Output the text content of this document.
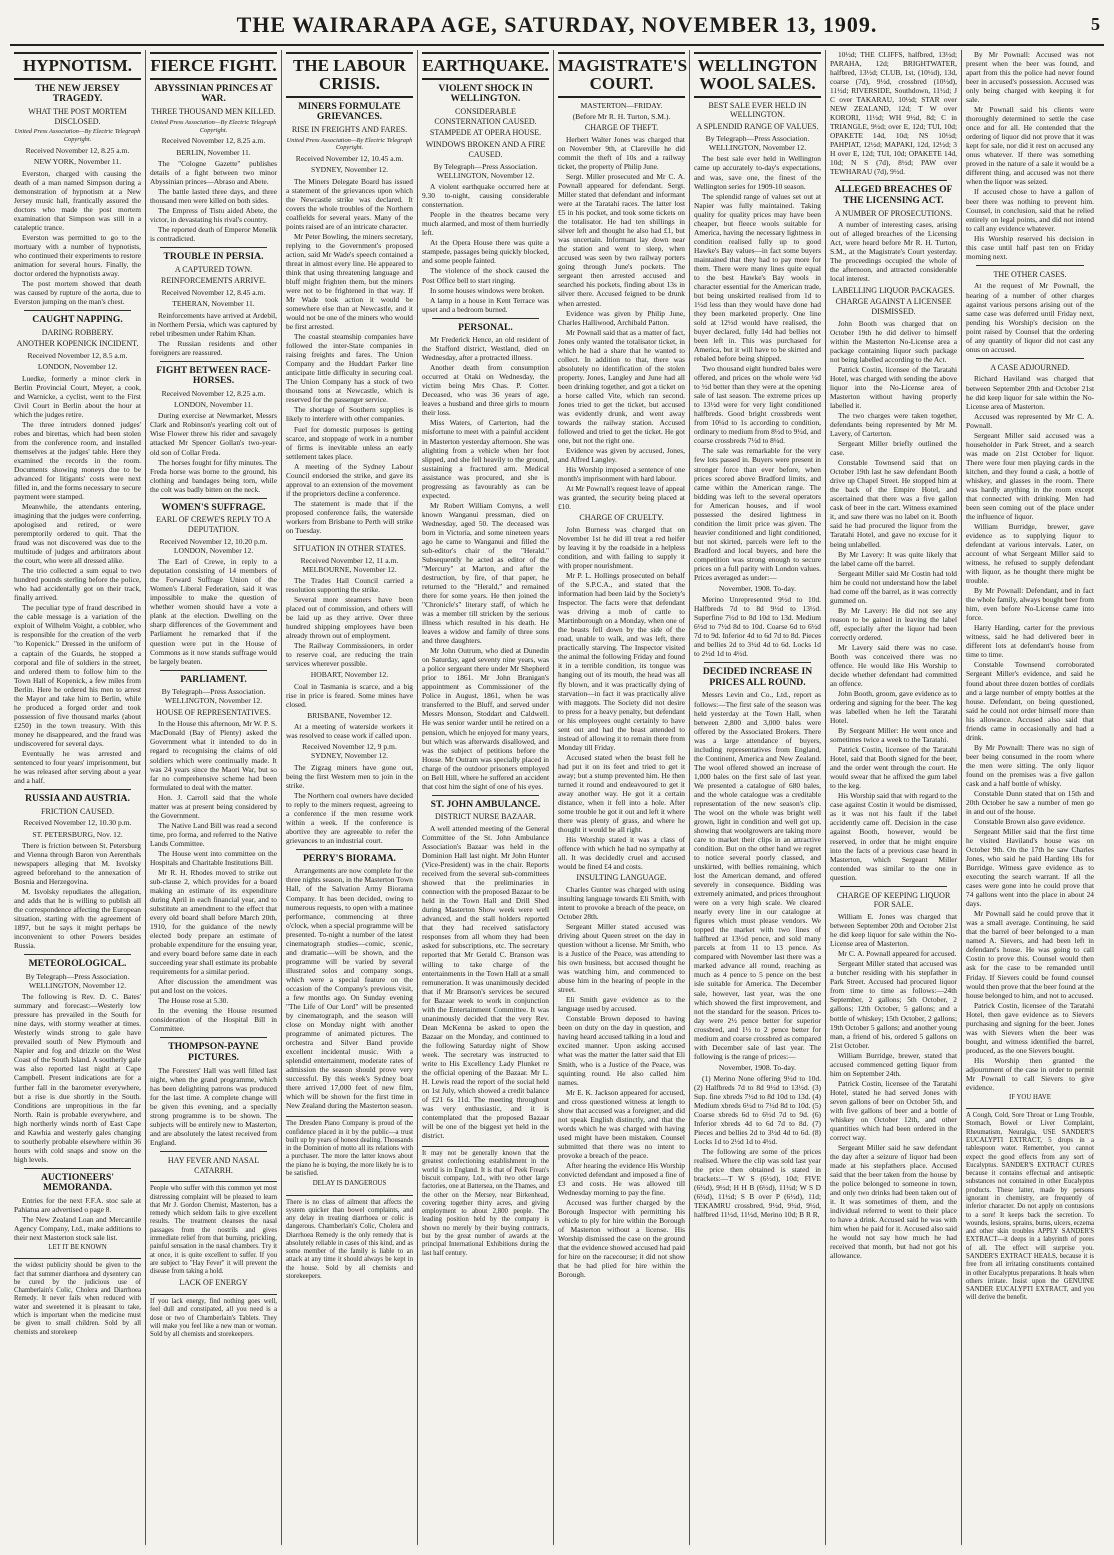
THE WAIRARAPA AGE, SATURDAY, NOVEMBER 13, 1909.	5
HYPNOTISM.
THE NEW JERSEY TRAGEDY.
WHAT THE POST MORTEM DISCLOSED.
United Press Association—By Electric Telegraph Copyright.
Received November 12, 8.25 a.m.
NEW YORK, November 11.
Everston, charged with causing the death of a man named Simpson during a demonstration of hypnotism at a New Jersey music hall, frantically assured the doctors who made the post mortem examination that Simpson was still in a cataleptic trance.
Everston was permitted to go to the mortuary with a number of hypnotists, who continued their experiments to restore animation for several hours. Finally, the doctor ordered the hypnotists away.
The post mortem showed that death was caused by rupture of the aorta, due to Everston jumping on the man's chest.
CAUGHT NAPPING.
DARING ROBBERY.
ANOTHER KOPENICK INCIDENT.
Received November 12, 8.5 a.m.
LONDON, November 12.
Luedke, formerly a minor clerk in Berlin Provincial Court, Meyer, a cook, and Warnicke, a cyclist, went to the First Civil Court in Berlin about the hour at which the judges retire.
The three intruders donned judges' robes and birettas, which had been stolen from the conference room, and installed themselves at the judges' table. Here they examined the records in the room. Documents showing moneys due to be advanced for litigants' costs were next filled in, and the forms necessary to secure payment were stamped.
Meanwhile, the attendants entering, imagining that the judges were conferring, apologised and retired, or were peremptorily ordered to quit. That the fraud was not discovered was due to the multitude of judges and arbitrators about the court, who were all dressed alike.
The trio collected a sum equal to two hundred pounds sterling before the police, who had accidentally got on their track, finally arrived.
The peculiar type of fraud described in the cable message is a variation of the exploit of Wilhelm Voight, a cobbler, who is responsible for the creation of the verb "to Kopenick." Dressed in the uniform of a captain of the Guards, he stopped a corporal and file of soldiers in the street, and ordered them to follow him to the Town Hall of Kopenick, a few miles from Berlin. Here he ordered his men to arrest the Mayor and take him to Berlin, while he produced a forged order and took possession of five thousand marks (about £250) in the town treasury. With this money he disappeared, and the fraud was undiscovered for several days.
Eventually he was arrested and sentenced to four years' imprisonment, but he was released after serving about a year and a half.
RUSSIA AND AUSTRIA.
FRICTION CAUSED.
Received November 12, 10.30 p.m.
ST. PETERSBURG, Nov. 12.
There is friction between St. Petersburg and Vienna through Baron von Aerenthals newspapers alleging that M. Isvolsky agreed beforehand to the annexation of Bosnia and Herzegovina.
M. Isvolsky repudiates the allegation, and adds that he is willing to publish all the correspondence affecting the European situation, starting with the agreement of 1897, but he says it might perhaps be inconvenient to other Powers besides Russia.
METEOROLOGICAL.
By Telegraph—Press Association. WELLINGTON, November 12.
The following is Rev. D. C. Bates' summary and forecast:—Westerly low pressure has prevailed in the South for nine days, with stormy weather at times. Westerly winds strong to gale have prevailed south of New Plymouth and Napier and fog and drizzle on the West Coast of the South Island. A southerly gale was also reported last night at Cape Campbell. Present indications are for a further fall in the barometer everywhere, but a rise is due shortly in the South. Conditions are unpropitious in the far North. Rain is probable everywhere, and high northerly winds north of East Cape and Kawhia and westerly gales changing to southerly probable elsewhere within 36 hours with cold snaps and snow on the high levels.
AUCTIONEERS' MEMORANDA.
Entries for the next F.F.A. stoc sale at Pahiatua are advertised o page 8.
The New Zealand Loan and Mercantile Agency Company, Ltd., make additions to their next Masterton stock sale list.
LET IT BE KNOWN
the widest publicity should be given to the fact that summer diarrhoea and dysentery can be cured by the judicious use of Chamberlain's Colic, Cholera and Diarrhoea Remedy. It never fails when reduced with water and sweetened it is pleasant to take, which is important when the medicine must be given to small children. Sold by all chemists and storekeep
FIERCE FIGHT.
ABYSSINIAN PRINCES AT WAR.
THREE THOUSAND MEN KILLED.
United Press Association—By Electric Telegraph Copyright.
Received November 12, 8.25 a.m.
BERLIN, November 11.
The "Cologne Gazette" publishes details of a fight between two minor Abyssinian princes—Abraso and Abete.
The battle lasted three days, and three thousand men were killed on both sides.
The Empress of Tistu aided Abete, the victor, in devastating his rival's country.
The reported death of Emperor Menelik is contradicted.
TROUBLE IN PERSIA.
A CAPTURED TOWN.
REINFORCEMENTS ARRIVE.
Received November 12, 8.45 a.m.
TEHERAN, November 11.
Reinforcements have arrived at Ardebil, in Northern Persia, which was captured by rebel tribesmen under Rahim Khan.
The Russian residents and other foreigners are reassured.
FIGHT BETWEEN RACE-HORSES.
Received November 12, 8.25 a.m.
LONDON, November 11.
During exercise at Newmarket, Messrs Clark and Robinson's yearling colt out of Wise Flower threw his rider and savagely attacked Mr Spencer Gollan's two-year-old son of Collar Freda.
The horses fought for fifty minutes. The Freda horse was borne to the ground, his clothing and bandages being torn, while the colt was badly bitten on the neck.
WOMEN'S SUFFRAGE.
EARL OF CREWE'S REPLY TO A DEPUTATION.
Received November 12, 10.20 p.m. LONDON, November 12.
The Earl of Crewe, in reply to a deputation consisting of 14 members of the Forward Suffrage Union of the Women's Liberal Federation, said it was impossible to make the question of whether women should have a vote a plank at the election. Dwelling on the sharp differences of the Government and Parliament he remarked that if the question were put in the House of Commons as it now stands suffrage would be largely beaten.
PARLIAMENT.
By Telegraph—Press Association. WELLINGTON, November 12.
HOUSE OF REPRESENTATIVES.
In the House this afternoon, Mr W. P. S. MacDonald (Bay of Plenty) asked the Government what it intended to do in regard to recognising the claims of old soldiers which were continually made. It was 24 years since the Maori War, but so far no comprehensive scheme had been formulated to deal with the matter.
Hon. J. Carroll said that the whole matter was at present being considered by the Government.
The Native Land Bill was read a second time, pro forma, and referred to the Native Lands Committee.
The House went into committee on the Hospitals and Charitable Institutions Bill.
Mr R. H. Rhodes moved to strike out sub-clause 2, which provides for a board making an estimate of its expenditure during April in each financial year, and to substitute an amendment to the effect that every old board shall before March 20th, 1910, for the guidance of the newly elected body prepare an estimate of probable expenditure for the ensuing year, and every board before same date in each succeeding year shall estimate its probable requirements for a similar period.
After discussion the amendment was put and lost on the voices.
The House rose at 5.30.
In the evening the House resumed consideration of the Hospital Bill in Committee.
THOMPSON-PAYNE PICTURES.
The Foresters' Hall was well filled last night, when the grand programme, which has been delighting patrons was produced for the last time. A complete change will be given this evening, and a specially strong programme is to be shown. The subjects will be entirely new to Masterton, and are absolutely the latest received from England.
HAY FEVER AND NASAL CATARRH.
People who suffer with this common yet most distressing complaint will be pleased to learn that Mr J. Gordon Chemist, Masterton, has a remedy which seldom fails to give excellent results. The treatment cleanses the nasal passages from the nostrils and gives immediate relief from that burning, prickling, painful sensation in the nasal chambers. Try it at once, it is quite excellent to suffer. If you are subject to "Hay Fever" it will prevent the disease from taking a hold.
LACK OF ENERGY
If you lack energy, find nothing goes well, feel dull and constipated, all you need is a dose or two of Chamberlain's Tablets. They will make you feel like a new man or woman. Sold by all chemists and storekeepers.
THE LABOUR CRISIS.
MINERS FORMULATE GRIEVANCES.
RISE IN FREIGHTS AND FARES.
United Press Association—By Electric Telegraph Copyright.
Received November 12, 10.45 a.m.
SYDNEY, November 12.
The Miners Delegate Board has issued a statement of the grievances upon which the Newcastle strike was declared. It covers the whole troubles of the Northern coalfields for several years. Many of the points raised are of an intricate character.
Mr Peter Bowling, the miners secretary, replying to the Government's proposed action, said Mr Wade's speech contained a threat in almost every line. He appeared to think that using threatening language and bluff might frighten them, but the miners were not to be frightened in that way. If Mr Wade took action it would be somewhere else than at Newcastle, and it would not be one of the miners who would be first arrested.
The coastal steamship companies have followed the inter-State companies in raising freights and fares. The Union Company and the Huddart Parker line anticipate little difficulty in securing coal. The Union Company has a stock of two thousand tons at Newcastle, which is reserved for the passenger service.
The shortage of Southern supplies is likely to interfere with other companies.
Fuel for domestic purposes is getting scarce, and stoppage of work in a number of firms is inevitable unless an early settlement takes place.
A meeting of the Sydney Labour Council endorsed the strike, and gave its approval to an extension of the movement if the proprietors decline a conference.
The statement is made that if the proposed conference fails, the waterside workers from Brisbane to Perth will strike on Tuesday.
SITUATION IN OTHER STATES.
Received November 12, 11 a.m. MELBOURNE, November 12.
The Trades Hall Council carried a resolution supporting the strike.
Several more steamers have been placed out of commission, and others will be laid up as they arrive. Over three hundred shipping employees have been already thrown out of employment.
The Railway Commissioners, in order to reserve coal, are reducing the train services wherever possible.
HOBART, November 12.
Coal in Tasmania is scarce, and a big rise in price is feared. Some mines have closed.
BRISBANE, November 12.
At a meeting of waterside workers it was resolved to cease work if called upon.
Received November 12, 9 p.m. SYDNEY, November 12.
The Zigzag miners have gone out, being the first Western men to join in the strike.
The Northern coal owners have decided to reply to the miners request, agreeing to a conference if the men resume work within a week. If the conference is abortive they are agreeable to refer the grievances to an industrial court.
PERRY'S BIORAMA.
Arrangements are now complete for the three nights season, in the Masterton Town Hall, of the Salvation Army Biorama Company. It has been decided, owing to numerous requests, to open with a matinee performance, commencing at three o'clock, when a special programme will be presented. To-night a number of the latest cinematograph studies—comic, scenic, and dramatic—will be shown, and the programme will be varied by several illustrated solos and company songs, which were a special feature on the occasion of the Company's previous visit, a few months ago. On Sunday evening "The Life of Our Lord" will be presented by cinematograph, and the season will close on Monday night with another programme of animated pictures. The orchestra and Silver Band provide excellent incidental music. With a splendid entertainment, moderate rates of admission the season should prove very successful. By this week's Sydney boat there arrived 17,000 feet of new film, which will be shown for the first time in New Zealand during the Masterton season.
The Dresden Piano Company is proud of the confidence placed in it by the public—a trust built up by years of honest dealing. Thousands in the Dominion of motto all its relations with a purchaser. The more the latter knows about the piano he is buying, the more likely he is to be satisfied.
DELAY IS DANGEROUS
There is no class of ailment that affects the system quicker than bowel complaints, and any delay in treating diarrhoea or colic is dangerous. Chamberlain's Colic, Cholera and Diarrhoea Remedy is the only remedy that is absolutely reliable in cases of this kind, and as some member of the family is liable to an attack at any time it should always be kept in the house. Sold by all chemists and storekeepers.
EARTHQUAKE.
VIOLENT SHOCK IN WELLINGTON.
CONSIDERABLE CONSTERNATION CAUSED.
STAMPEDE AT OPERA HOUSE.
WINDOWS BROKEN AND A FIRE CAUSED.
By Telegraph—Press Association. WELLINGTON, November 12.
A violent earthquake occurred here at 9.30 to-night, causing considerable consternation.
People in the theatres became very much alarmed, and most of them hurriedly left.
At the Opera House there was quite a stampede, passages being quickly blocked, and some people fainted.
The violence of the shock caused the Post Office bell to start ringing.
In some houses windows were broken.
A lamp in a house in Kent Terrace was upset and a bedroom burned.
PERSONAL.
Mr Frederick Hence, an old resident of the Stafford district, Westland, died on Wednesday, after a protracted illness.
Another death from consumption occurred at Otaki on Wednesday, the victim being Mrs Chas. P. Cotter. Deceased, who was 36 years of age, leaves a husband and three girls to mourn their loss.
Miss Waters, of Carterton, had the misfortune to meet with a painful accident in Masterton yesterday afternoon. She was alighting from a vehicle when her foot slipped, and she fell heavily to the ground, sustaining a fractured arm. Medical assistance was procured, and she is progressing as favourably as can be expected.
Mr Robert William Comyns, a well known Wanganui pressman, died on Wednesday, aged 50. The deceased was born in Victoria, and some nineteen years ago he came to Wanganui and filled the sub-editor's chair of the "Herald." Subsequently he acted as editor of the "Mercury" at Marton, and after the destruction, by fire, of that paper, he returned to the "Herald," and remained there for some years. He then joined the "Chronicle's" literary staff, of which he was a member till stricken by the serious illness which resulted in his death. He leaves a widow and family of three sons and three daughters.
Mr John Outrum, who died at Dunedin on Saturday, aged seventy nine years, was a police sergeant there under Mr Shepherd prior to 1861. Mr John Branigan's appointment as Commissioner of the Police in August, 1861, when he was transferred to the Bluff, and served under Messrs Monson, Stoddart and Caldwell. He was senior warder until he retired on a pension, which he enjoyed for many years, but which was afterwards disallowed, and was the subject of petitions before the House. Mr Outram was specially placed in charge of the outdoor prisoners employed on Bell Hill, where he suffered an accident that cost him the sight of one of his eyes.
ST. JOHN AMBULANCE.
DISTRICT NURSE BAZAAR.
A well attended meeting of the General Committee of the St. John Ambulance Association's Bazaar was held in the Dominion Hall last night. Mr John Hunter (Vice-President) was in the chair. Reports received from the several sub-committees showed that the preliminaries in connection with the proposed Bazaar to be held in the Town Hall and Drill Shed during Masterton Show week were well advanced, and the stall holders reported that they had received satisfactory responses from all whom they had been asked for subscriptions, etc. The secretary reported that Mr Gerald C. Branson was willing to take charge of the entertainments in the Town Hall at a small remuneration. It was unanimously decided that if Mr Branson's services be secured for Bazaar week to work in conjunction with the Entertainment Committee. It was unanimously decided that the very Rev. Dean McKenna be asked to open the Bazaar on the Monday, and continued to the following Saturday night of Show week. The secretary was instructed to write to His Excellency Lady Plunket re the official opening of the Bazaar. Mr L. H. Lewis read the report of the social held on 1st July, which showed a credit balance of £21 6s 11d. The meeting throughout was very enthusiastic, and it is contemplated that the proposed Bazaar will be one of the biggest yet held in the district.
It may not be generally known that the greatest confectioning establishment in the world is in England. It is that of Peek Frean's biscuit company, Ltd., with two other large factories, one at Battersea, on the Thames, and the other on the Mersey, near Birkenhead, covering together thirty acres, and giving employment to about 2,800 people. The leading position held by the company is shown no merely by their buying contracts, but by the great number of awards at the principal International Exhibitions during the last half century.
MAGISTRATE'S COURT.
MASTERTON—FRIDAY.
(Before Mr R. H. Turton, S.M.).
CHARGE OF THEFT.
Herbert Walter Jones was charged that on November 9th, at Clareville he did commit the theft of 10s and a railway ticket, the property of Philip June.
Sergt. Miller prosecuted and Mr C. A. Pownall appeared for defendant. Sergt. Miller stated that defendant and informant were at the Taratahi races. The latter lost £5 in his pocket, and took some tickets on the totalisator. He had ten shillings in silver left and thought he also had £1, but was uncertain. Informant lay down near the station and went to sleep, when accused was seen by two railway porters going through June's pockets. The sergeant then arrested accused and searched his pockets, finding about 13s in silver there. Accused feigned to be drunk when arrested.
Evidence was given by Philip June, Charles Halliwood, Archibald Patton.
Mr Pownall said that as a matter of fact, Jones only wanted the totalisator ticket, in which he had a share that he wanted to collect. In addition to that, there was absolutely no identification of the stolen property. Jones, Langley and June had all been drinking together, and got a ticket on a horse called Vite, which ran second. Jones tried to get the ticket, but accused was evidently drunk, and went away towards the railway station. Accused followed and tried to get the ticket. He got one, but not the right one.
Evidence was given by accused, Jones, and Alfred Langley.
His Worship imposed a sentence of one month's imprisonment with hard labour.
At Mr Pownall's request leave of appeal was granted, the security being placed at £10.
CHARGE OF CRUELTY.
John Burness was charged that on November 1st he did ill treat a red heifer by leaving it by the roadside in a helpless condition, and with failing to supply it with proper nourishment.
Mr P. L. Hollings prosecuted on behalf of the S.P.C.A., and stated that the information had been laid by the Society's Inspector. The facts were that defendant was driving a mob of cattle to Martinborough on a Monday, when one of the beasts fell down by the side of the road, unable to walk, and was left, there practically starving. The Inspector visited the animal the following Friday and found it in a terrible condition, its tongue was hanging out of its mouth, the head was all fly blown, and it was practically dying of starvation—in fact it was practically alive with maggots. The Society did not desire to press for a heavy penalty, but defendant or his employees ought certainly to have sent out and had the beast attended to instead of allowing it to remain there from Monday till Friday.
Accused stated when the beast fell he had put it on its feet and tried to get it away; but a stump prevented him. He then turned it round and endeavoured to get it away another way. He got it a certain distance, when it fell into a hole. After some trouble he got it out and left it where there was plenty of grass, and where he thought it would be all right.
His Worship stated it was a class of offence with which he had no sympathy at all. It was decidedly cruel and accused would be fined £4 and costs.
INSULTING LANGUAGE.
Charles Gunter was charged with using insulting language towards Eli Smith, with intent to provoke a breach of the peace, on October 28th.
Sergeant Miller stated accused was driving about Queen street on the day in question without a license. Mr Smith, who is a Justice of the Peace, was attending to his own business, but accused thought he was watching him, and commenced to abuse him in the hearing of people in the street.
Eli Smith gave evidence as to the language used by accused.
Constable Brown deposed to having been on duty on the day in question, and having heard accused talking in a loud and excited manner. Upon asking accused what was the matter the latter said that Eli Smith, who is a Justice of the Peace, was squinting round. He also called him names.
Mr E. K. Jackson appeared for accused, and cross questioned witness at length to show that accused was a foreigner, and did not speak English distinctly, and that the words which he was charged with having used might have been mistaken. Counsel submitted that there was no intent to provoke a breach of the peace.
After hearing the evidence His Worship convicted defendant and imposed a fine of £3 and costs. He was allowed till Wednesday morning to pay the fine.
Accused was further charged by the Borough Inspector with permitting his vehicle to ply for hire within the Borough of Masterton without a license. His Worship dismissed the case on the ground that the evidence showed accused had paid for hire on the racecourse; it did not show that he had plied for hire within the Borough.
WELLINGTON WOOL SALES.
BEST SALE EVER HELD IN WELLINGTON.
A SPLENDID RANGE OF VALUES.
By Telegraph—Press Association. WELLINGTON, November 12.
The best sale ever held in Wellington came up accurately to-day's expectations, and was, save one, the finest of the Wellington series for 1909-10 season.
The splendid range of values set out at Napier was fully maintained. Taking quality for quality prices may have been cheaper, but fleece wools suitable for America, having the necessary lightness in condition realised fully up to good Hawke's Bay values—in fact some buyers maintained that they had to pay more for them. There were many lines quite equal to the best Hawke's Bay wools in character essential for the American trade, but being unskirted realised from 1d to 1½d less than they would have done had they been marketed properly. One line sold at 12½d would have realised, the buyer declared, fully 14d had bellies not been left in. This was purchased for America, but it will have to be skirted and rebaled before being shipped.
Two thousand eight hundred bales were offered, and prices on the whole were ¼d to ½d better than they were at the opening sale of last season. The extreme prices up to 13½d were for very light conditioned halfbreds. Good bright crossbreds went from 10¼d to 1s according to condition, ordinary to medium from 8½d to 9½d, and coarse crossbreds 7½d to 8¼d.
The sale was remarkable for the very few lots passed in. Buyers were present in stronger force than ever before, when prices scored above Bradford limits, and came within the American range. The bidding was left to the several operators for American houses, and if wool possessed the desired lightness in condition the limit price was given. The heavier conditioned and light conditioned, but not skirted, parcels were left to the Bradford and local buyers, and here the competition was strong enough to secure prices on a full parity with London values. Prices averaged as under:—
November, 1908. To-day.
Merino Unrepresented 9½d to 10d. Halfbreds 7d to 8d 9½d to 13½d. Superfine 7½d to 8d 10d to 13d. Medium 6½d to 7½d 8d to 10d. Coarse 6d to 6½d 7d to 9d. Inferior 4d to 6d 7d to 8d. Pieces and bellies 2d to 3½d 4d to 6d. Locks 1d to 2½d 1d to 4½d.
DECIDED INCREASE IN PRICES ALL ROUND.
Messrs Levin and Co., Ltd., report as follows:—The first sale of the season was held yesterday at the Town Hall, when between 2,800 and 3,000 bales were offered by the Associated Brokers. There was a large attendance of buyers, including representatives from England, the Continent, America and New Zealand. The wool offered showed an increase of 1,000 bales on the first sale of last year. We presented a catalogue of 680 bales, and the whole catalogue was a creditable representation of the new season's clip. The wool on the whole was bright well grown, light in condition and well got up, showing that woolgrowers are taking more care to market their clips in an attractive condition. But on the other hand we regret to notice several poorly classed, and unskirted, with bellies remaining, which lost the American demand, and offered severely in consequence. Bidding was extremely animated, and prices throughout were on a very high scale. We cleared nearly every line in our catalogue at figures which must please vendors. We topped the market with two lines of halfbred at 13½d pence, and sold many parcels at from 11 to 13 pence. As compared with November last there was a marked advance all round, reaching as much as 4 pence to 5 pence on the best isle suitable for America. The December sale, however, last year, was the one which showed the first improvement, and not the standard for the season. Prices to-day were 2½ pence better for superior crossbred, and 1½ to 2 pence better for medium and coarse crossbred as compared with December sale of last year. The following is the range of prices:—
November, 1908. To-day.
(1) Merino None offering 9½d to 10d. (2) Halfbreds 7d to 8d 9½d to 13½d. (3) Sup. fine xbreds 7½d to 8d 10d to 13d. (4) Medium xbreds 6½d to 7½d 8d to 10d. (5) Coarse xbreds 6d to 6½d 7d to 9d. (6) Inferior xbreds 4d to 6d 7d to 8d. (7) Pieces and bellies 2d to 3½d 4d to 6d. (8) Locks 1d to 2½d 1d to 4½d.
The following are some of the prices realised. Where the clip was sold last year the price then obtained is stated in brackets:—T W S (6½d), 10d; FIVE (6½d), 9½d; H H B (6½d), 11½d; W S D (6½d), 11½d; S B over P (6½d), 11d; TEKAMRU crossbred, 9½d, 9½d, 9½d, halfbred 11½d, 11½d, Merino 10d; B R R,
10½d; THE CLIFFS, halfbred, 13½d; PARAHA, 12d; BRIGHTWATER, halfbred, 13½d; CLUB, 1st, (10½d), 13d, coarse (7d), 9½d, crossbred (10½d), 11½d; RIVERSIDE, Southdown, 11½d; J C over TAKARAU, 10½d; STAR over NEW ZEALAND, 12d; T W over KORORI, 11½d; WH 9½d, 8d; C in TRIANGLE, 9½d; over E, 12d; TUI, 10d; OPAKETE 14d, 10d; NS 10½d; PAHPIAT, 12½d; MAPAKI, 12d, 12½d; 3 H over E, 12d; TUI, 10d; OPAKETE 14d, 10d; N S (7d), 8½d; PAW over TEWHARAU (7d), 9½d.
ALLEGED BREACHES OF THE LICENSING ACT.
A NUMBER OF PROSECUTIONS.
A number of interesting cases, arising out of alleged breaches of the Licensing Act, were heard before Mr R. H. Turton, S.M., at the Magistrate's Court yesterday. The proceedings occupied the whole of the afternoon, and attracted considerable local interest.
LABELLING LIQUOR PACKAGES.
CHARGE AGAINST A LICENSEE DISMISSED.
John Booth was charged that on October 19th he did deliver to himself within the Masterton No-License area a package containing liquor such package not being labelled according to the Act.
Patrick Costin, licensee of the Taratahi Hotel, was charged with sending the above liquor into the No-License area of Masterton without having properly labelled it.
The two charges were taken together, defendants being represented by Mr M. Lavery, of Carterton.
Sergeant Miller briefly outlined the case.
Constable Townsend said that on October 19th last he saw defendant Booth drive up Chapel Street. He stopped him at the back of the Empire Hotel, and ascertained that there was a five gallon cask of beer in the cart. Witness examined it, and saw there was no label on it. Booth said he had procured the liquor from the Taratahi Hotel, and gave no excuse for it being unlabelled.
By Mr Lavery: It was quite likely that the label came off the barrel.
Sergeant Miller said Mr Costin had told him he could not understand how the label had come off the barrel, as it was correctly gummed on.
By Mr Lavery: He did not see any reason to be gained in leaving the label off, especially after the liquor had been correctly ordered.
Mr Lavery said there was no case. Booth was conceived there was no offence. He would like His Worship to decide whether defendant had committed an offence.
John Booth, groom, gave evidence as to ordering and signing for the beer. The keg was labelled when he left the Taratahi Hotel.
By Sergeant Miller: He went once and sometimes twice a week to the Taratahi.
Patrick Costin, licensee of the Taratahi Hotel, said that Booth signed for the beer, and the order went through the court. He would swear that he affixed the gum label to the keg.
His Worship said that with regard to the case against Costin it would be dismissed, as it was not his fault if the label accidently came off. Decision in the case against Booth, however, would be reserved, in order that he might enquire into the facts of a previous case heard in Masterton, which Sergeant Miller contended was similar to the one in question.
CHARGE OF KEEPING LIQUOR FOR SALE.
William E. Jones was charged that between September 20th and October 21st he did keep liquor for sale within the No-License area of Masterton.
Mr C. A. Pownall appeared for accused.
Sergeant Miller stated that accused was a butcher residing with his stepfather in Park Street. Accused had procured liquor from time to time as follows:—24th September, 2 gallons; 5th October, 2 gallons; 12th October, 5 gallons; and a bottle of whiskey; 15th October, 2 gallons; 19th October 5 gallons; and another young man, a friend of his, ordered 5 gallons on 21st October.
William Burridge, brewer, stated that accused commenced getting liquor from him on September 24th.
Patrick Costin, licensee of the Taratahi Hotel, stated he had served Jones with seven gallons of beer on October 5th, and with five gallons of beer and a bottle of whiskey on October 12th, and other quantities which had been ordered in the correct way.
Sergeant Miller said he saw defendant the day after a seizure of liquor had been made at his stepfathers place. Accused said that the beer taken from the house by the police belonged to someone in town, and only two drinks had been taken out of it. It was sometimes of them, and the individual referred to went to their place to have a drink. Accused said he was with him when he paid for it. Accused also said he would not say how much he had received that month, but had not got his allowance.
By Mr Pownall: Accused was not present when the beer was found, and apart from this the police had never found beer in accused's possession. Accused was only being charged with keeping it for sale.
Mr Pownall said his clients were thoroughly determined to settle the case once and for all. He contended that the ordering of liquor did not prove that it was kept for sale, nor did it rest on accused any onus whatever. If there was something proved in the nature of a sale it would be a different thing, and accused was not there when the liquor was seized.
If accused chose to have a gallon of beer there was nothing to prevent him. Counsel, in conclusion, said that he relied entirely on legal points, and did not intend to call any evidence whatever.
His Worship reserved his decision in this case until half past ten on Friday morning next.
THE OTHER CASES.
At the request of Mr Pownall, the hearing of a number of other charges against various persons arising out of the same case was deferred until Friday next, pending his Worship's decision on the point raised by Counsel that the ordering of any quantity of liquor did not cast any onus on accused.
A CASE ADJOURNED.
Richard Haviland was charged that between September 20th and October 21st he did keep liquor for sale within the No-License area of Masterton.
Accused was represented by Mr C. A. Pownall.
Sergeant Miller said accused was a householder in Park Street, and a search was made on 21st October for liquor. There were four men playing cards in the kitchen, and they found a cask, a bottle of whiskey, and glasses in the room. There was hardly anything in the room except that connected with drinking. Men had been seen coming out of the place under the influence of liquor.
William Burridge, brewer, gave evidence as to supplying liquor to defendant at various intervals. Later, on account of what Sergeant Miller said to witness, he refused to supply defendant with liquor, as he thought there might be trouble.
By Mr Pownall: Defendant, and in fact the whole family, always bought beer from him, even before No-License came into force.
Harry Harding, carter for the previous witness, said he had delivered beer in different lots at defendant's house from time to time.
Constable Townsend corroborated Sergeant Miller's evidence, and said he found about three dozen bottles of cordials and a large number of empty bottles at the house. Defendant, on being questioned, said he could not order himself more than his allowance. Accused also said that friends came in occasionally and had a drink.
By Mr Pownall: There was no sign of beer being consumed in the room where the men were sitting. The only liquor found on the premises was a five gallon cask and a half bottle of whisky.
Constable Dunn stated that on 15th and 20th October he saw a number of men go in and out of the house.
Constable Brown also gave evidence.
Sergeant Miller said that the first time he visited Haviland's house was on October 9th. On the 17th he saw Charles Jones, who said he paid Harding 18s for Burridge. Witness gave evidence as to executing the search warrant. If all the cases were gone into he could prove that 74 gallons went into the place in about 24 days.
Mr Pownall said he could prove that it was a small average. Continuing, he said that the barrel of beer belonged to a man named A. Sievers, and had been left in defendant's house. He was going to call Costin to prove this. Counsel would then ask for the case to be remanded until Friday. If Sievers could be found counsel would then prove that the beer found at the house belonged to him, and not to accused.
Patrick Costin, licensee of the Taratahi Hotel, then gave evidence as to Sievers purchasing and signing for the beer. Jones was with Sievers when the beer was bought, and witness identified the barrel, produced, as the one Sievers bought.
His Worship then granted the adjournment of the case in order to permit Mr Pownall to call Sievers to give evidence.
IF YOU HAVE
A Cough, Cold, Sore Throat or Lung Trouble, Stomach, Bowel or Liver Complaint, Rheumatism, Neuralgia, USE SANDER'S EUCALYPTI EXTRACT, 5 drops in a tablespoon water. Remember, you cannot expect the good effects from any sort of Eucalyptus. SANDER'S EXTRACT CURES because it contains effectual and antiseptic substances not contained in other Eucalyptus products. These latter, made by persons ignorant in chemistry, are frequently of inferior character. Do not apply on contusions to a sore! It keeps back the secretion. To wounds, lesions, sprains, burns, ulcers, eczema and other skin troubles APPLY SANDER'S EXTRACT—it deeps in a labyrinth of pores of all. The effect will surprise you. SANDER'S EXTRACT HEALS, because it is free from all irritating constituents contained in other Eucalyptus preparations. It heals when others irritate. Insist upon the GENUINE SANDER EUCALYPTI EXTRACT, and you will derive the benefit.
